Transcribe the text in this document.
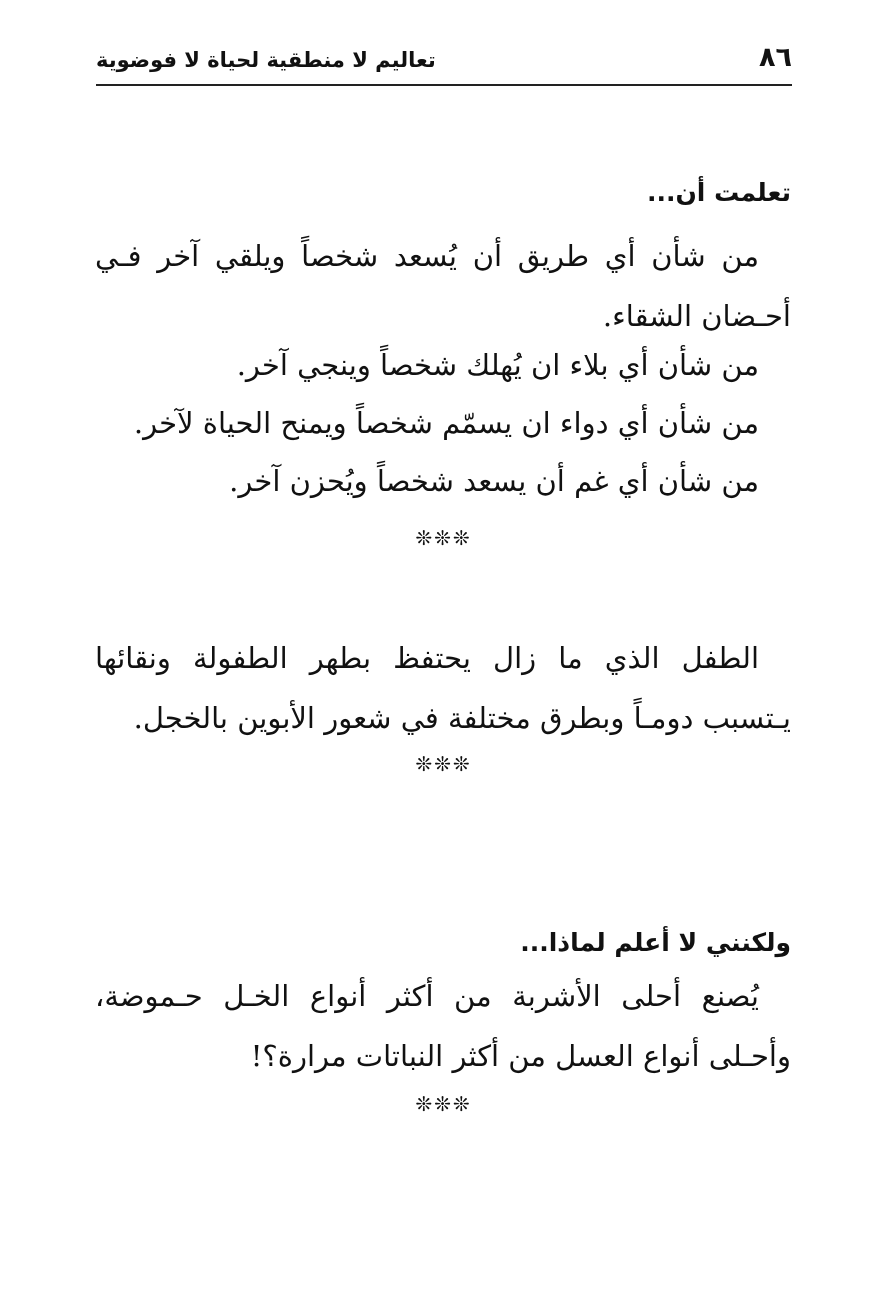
٨٦
تعاليم لا منطقية لحياة لا فوضوية
تعلمت أن...

من شأن أي طريق أن يُسعد شخصاً ويلقي آخر فـي أحـضان الشقاء.

من شأن أي بلاء ان يُهلك شخصاً وينجي آخر.

من شأن أي دواء ان يسمّم شخصاً ويمنح الحياة لآخر.

من شأن أي غم أن يسعد شخصاً ويُحزن آخر.

❊❊❊

الطفل الذي ما زال يحتفظ بطهر الطفولة ونقائها يـتسبب دومـاً وبطرق مختلفة في شعور الأبوين بالخجل.

❊❊❊
ولكنني لا أعلم لماذا...

يُصنع أحلى الأشربة من أكثر أنواع الخـل حـموضة، وأحـلى أنواع العسل من أكثر النباتات مرارة؟!

❊❊❊
